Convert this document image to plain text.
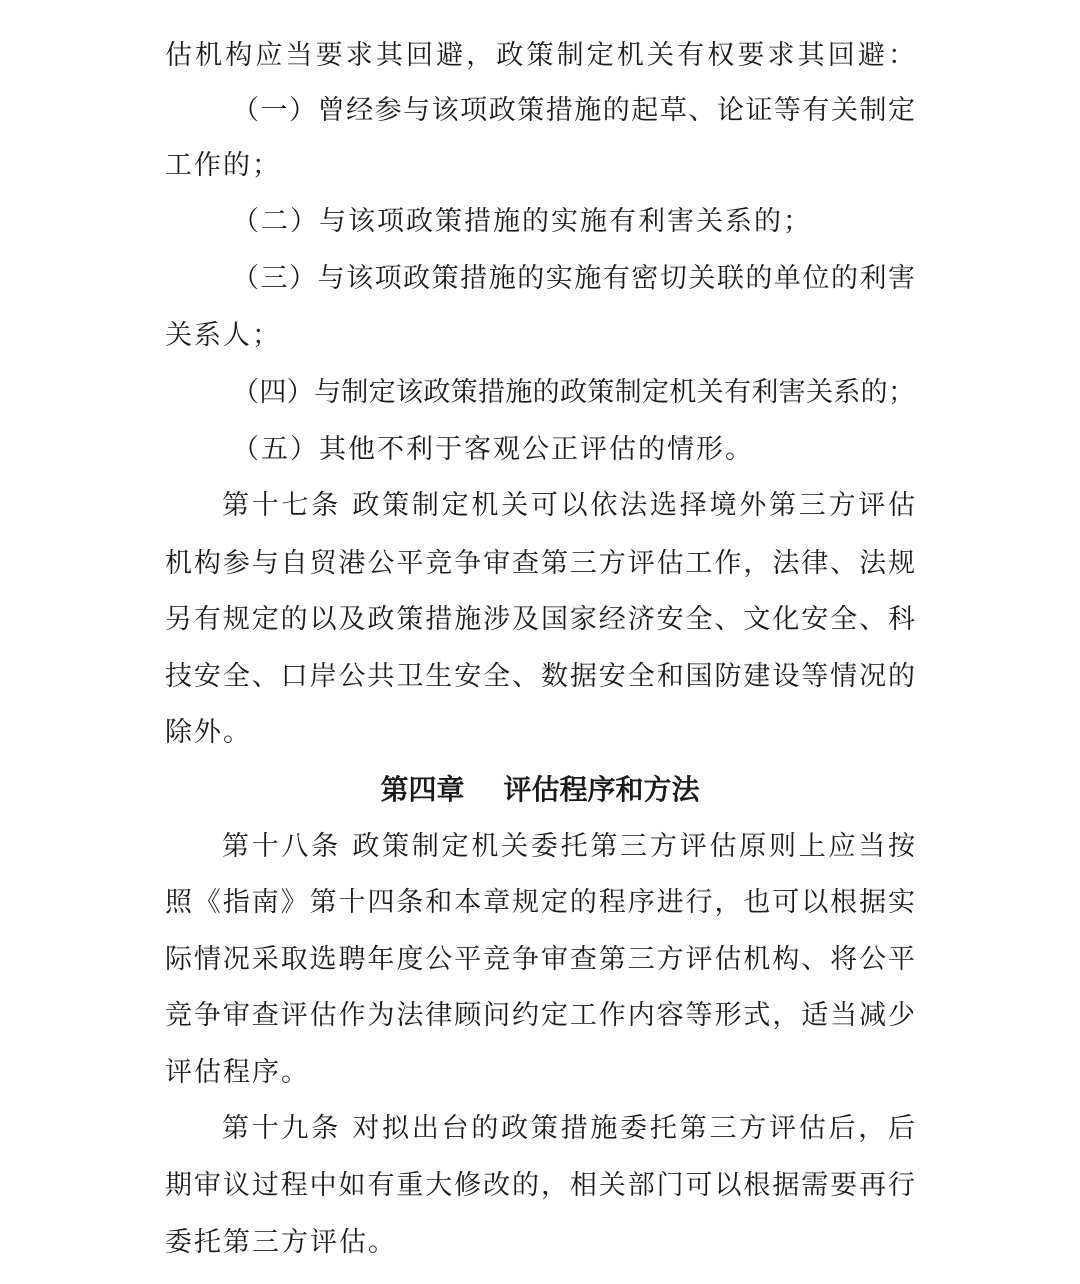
估机构应当要求其回避，政策制定机关有权要求其回避：
（一）曾经参与该项政策措施的起草、论证等有关制定
工作的；
（二）与该项政策措施的实施有利害关系的；
（三）与该项政策措施的实施有密切关联的单位的利害
关系人；
（四）与制定该政策措施的政策制定机关有利害关系的；
（五）其他不利于客观公正评估的情形。
第十七条 政策制定机关可以依法选择境外第三方评估
机构参与自贸港公平竞争审查第三方评估工作，法律、法规
另有规定的以及政策措施涉及国家经济安全、文化安全、科
技安全、口岸公共卫生安全、数据安全和国防建设等情况的
除外。
第四章    评估程序和方法
第十八条 政策制定机关委托第三方评估原则上应当按
照《指南》第十四条和本章规定的程序进行，也可以根据实
际情况采取选聘年度公平竞争审查第三方评估机构、将公平
竞争审查评估作为法律顾问约定工作内容等形式，适当减少
评估程序。
第十九条 对拟出台的政策措施委托第三方评估后，后
期审议过程中如有重大修改的，相关部门可以根据需要再行
委托第三方评估。
